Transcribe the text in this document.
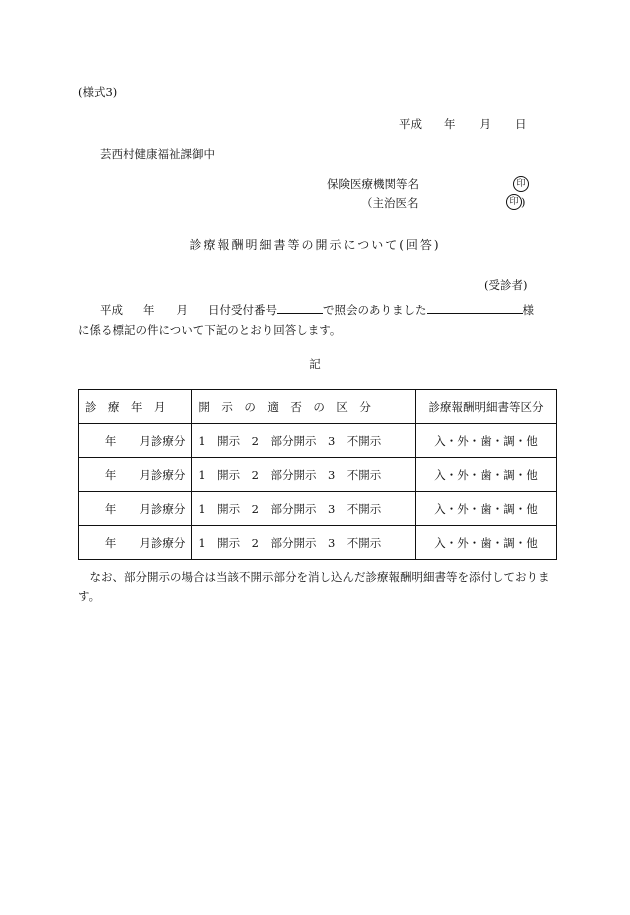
(様式3)
平成 年 月 日
芸西村健康福祉課御中
保険医療機関等名	印
（主治医名	印 )
診療報酬明細書等の開示について(回答)
(受診者)
平成 年 月 日付受付番号	で照会のありました	様
に係る標記の件について下記のとおり回答します。
記
診　療　年　月	開　示　の　適　否　の　区　分	診療報酬明細書等区分
年　　月診療分	1　開示　2　部分開示　3　不開示	入・外・歯・調・他
年　　月診療分	1　開示　2　部分開示　3　不開示	入・外・歯・調・他
年　　月診療分	1　開示　2　部分開示　3　不開示	入・外・歯・調・他
年　　月診療分	1　開示　2　部分開示　3　不開示	入・外・歯・調・他
なお、部分開示の場合は当該不開示部分を消し込んだ診療報酬明細書等を添付しております。
